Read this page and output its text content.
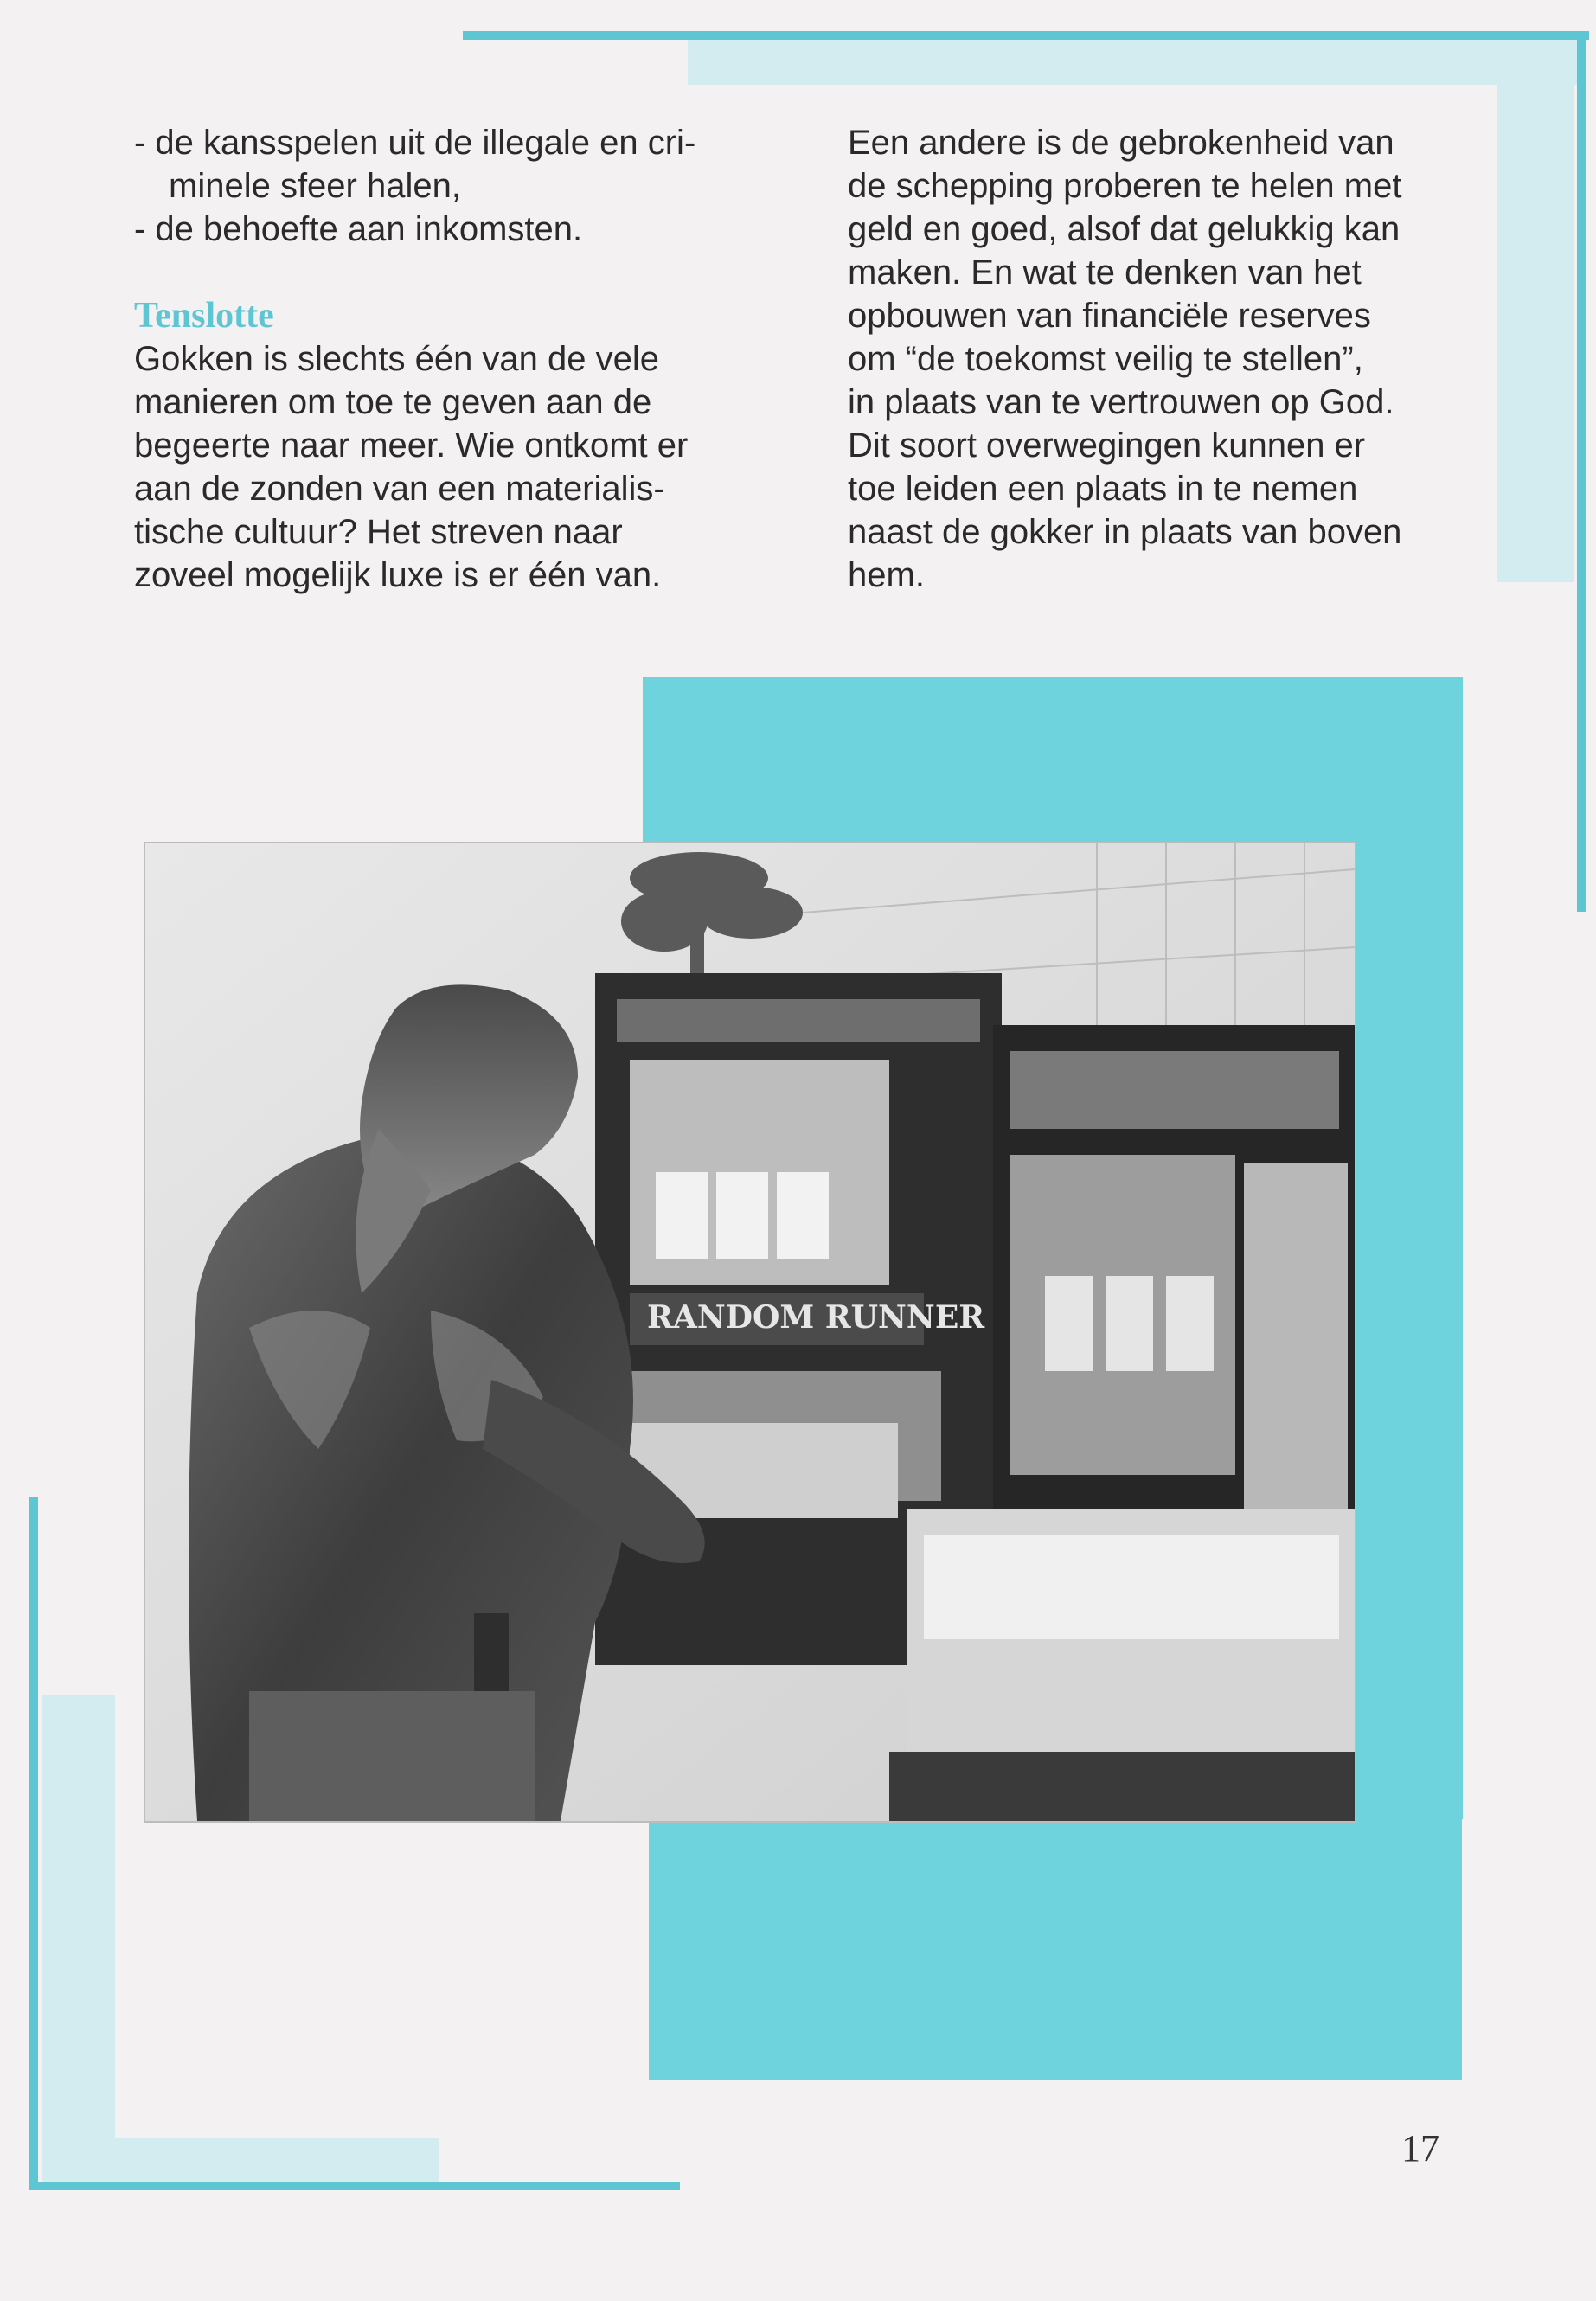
- de kansspelen uit de illegale en cri-
minele sfeer halen,
- de behoefte aan inkomsten.
Tenslotte
Gokken is slechts één van de vele
manieren om toe te geven aan de
begeerte naar meer. Wie ontkomt er
aan de zonden van een materialis-
tische cultuur? Het streven naar
zoveel mogelijk luxe is er één van.
Een andere is de gebrokenheid van
de schepping proberen te helen met
geld en goed, alsof dat gelukkig kan
maken. En wat te denken van het
opbouwen van financiële reserves
om “de toekomst veilig te stellen”,
in plaats van te vertrouwen op God.
Dit soort overwegingen kunnen er
toe leiden een plaats in te nemen
naast de gokker in plaats van boven
hem.
RANDOM RUNNER
17
